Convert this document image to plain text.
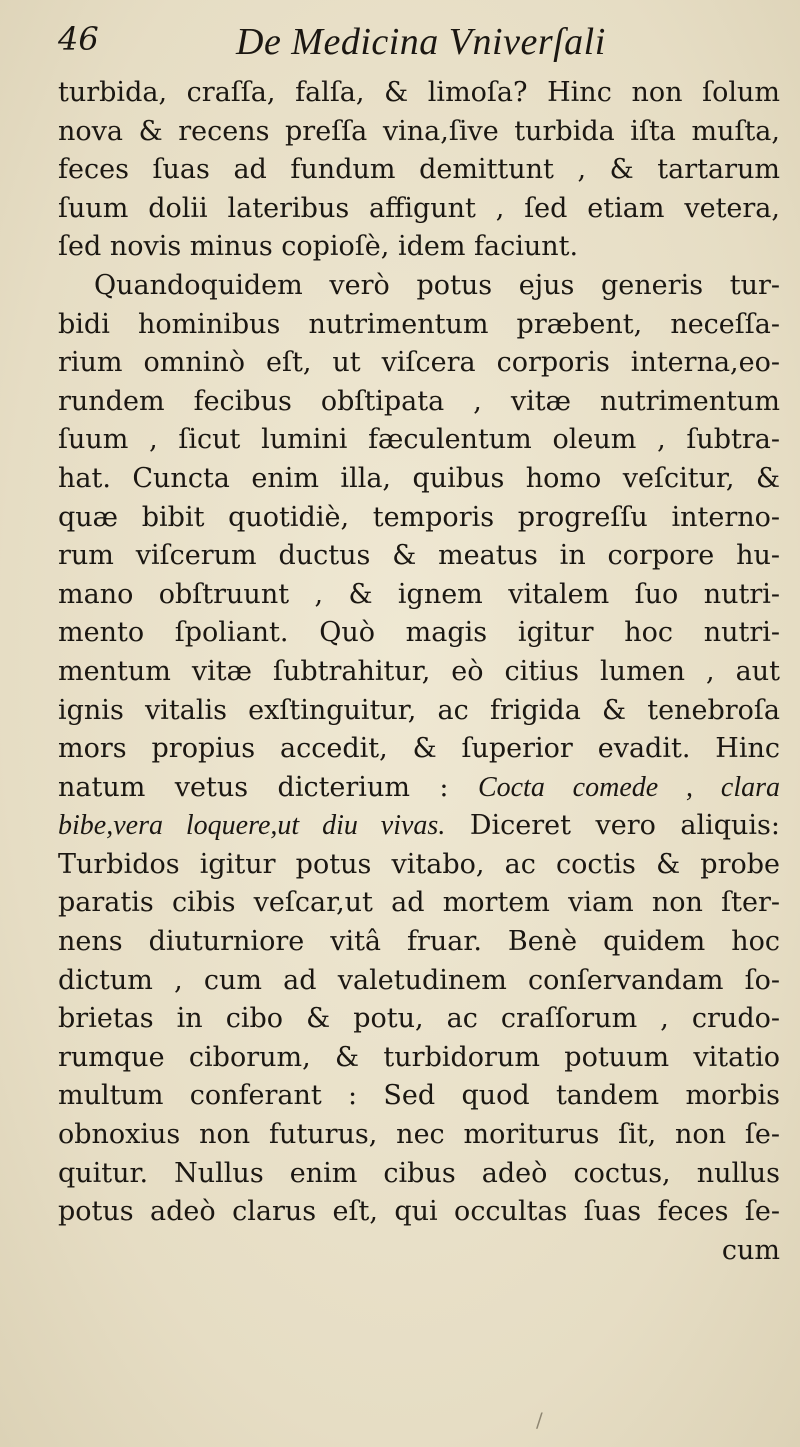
46	De Medicina Vniverſali
turbida, craſſa, falſa, & limoſa? Hinc non ſolum
nova & recens preſſa vina,ſive turbida iſta muſta,
feces ſuas ad fundum demittunt , & tartarum
ſuum dolii lateribus affigunt , ſed etiam vetera,
ſed novis minus copioſè, idem faciunt.
Quandoquidem verò potus ejus generis tur-
bidi hominibus nutrimentum præbent, neceſſa-
rium omninò eſt, ut viſcera corporis interna,eo-
rundem fecibus obſtipata , vitæ nutrimentum
ſuum , ſicut lumini fæculentum oleum , ſubtra-
hat. Cuncta enim illa, quibus homo veſcitur, &
quæ bibit quotidiè, temporis progreſſu interno-
rum viſcerum ductus & meatus in corpore hu-
mano obſtruunt , & ignem vitalem ſuo nutri-
mento ſpoliant. Quò magis igitur hoc nutri-
mentum vitæ ſubtrahitur, eò citius lumen , aut
ignis vitalis exſtinguitur, ac frigida & tenebroſa
mors propius accedit, & ſuperior evadit. Hinc
natum vetus dicterium : Cocta comede , clara
bibe,vera loquere,ut diu vivas. Diceret vero aliquis:
Turbidos igitur potus vitabo, ac coctis & probe
paratis cibis veſcar,ut ad mortem viam non ſter-
nens diuturniore vitâ fruar. Benè quidem hoc
dictum , cum ad valetudinem conſervandam ſo-
brietas in cibo & potu, ac craſſorum , crudo-
rumque ciborum, & turbidorum potuum vitatio
multum conferant : Sed quod tandem morbis
obnoxius non futurus, nec moriturus ſit, non ſe-
quitur. Nullus enim cibus adeò coctus, nullus
potus adeò clarus eſt, qui occultas ſuas feces ſe-
cum
/
